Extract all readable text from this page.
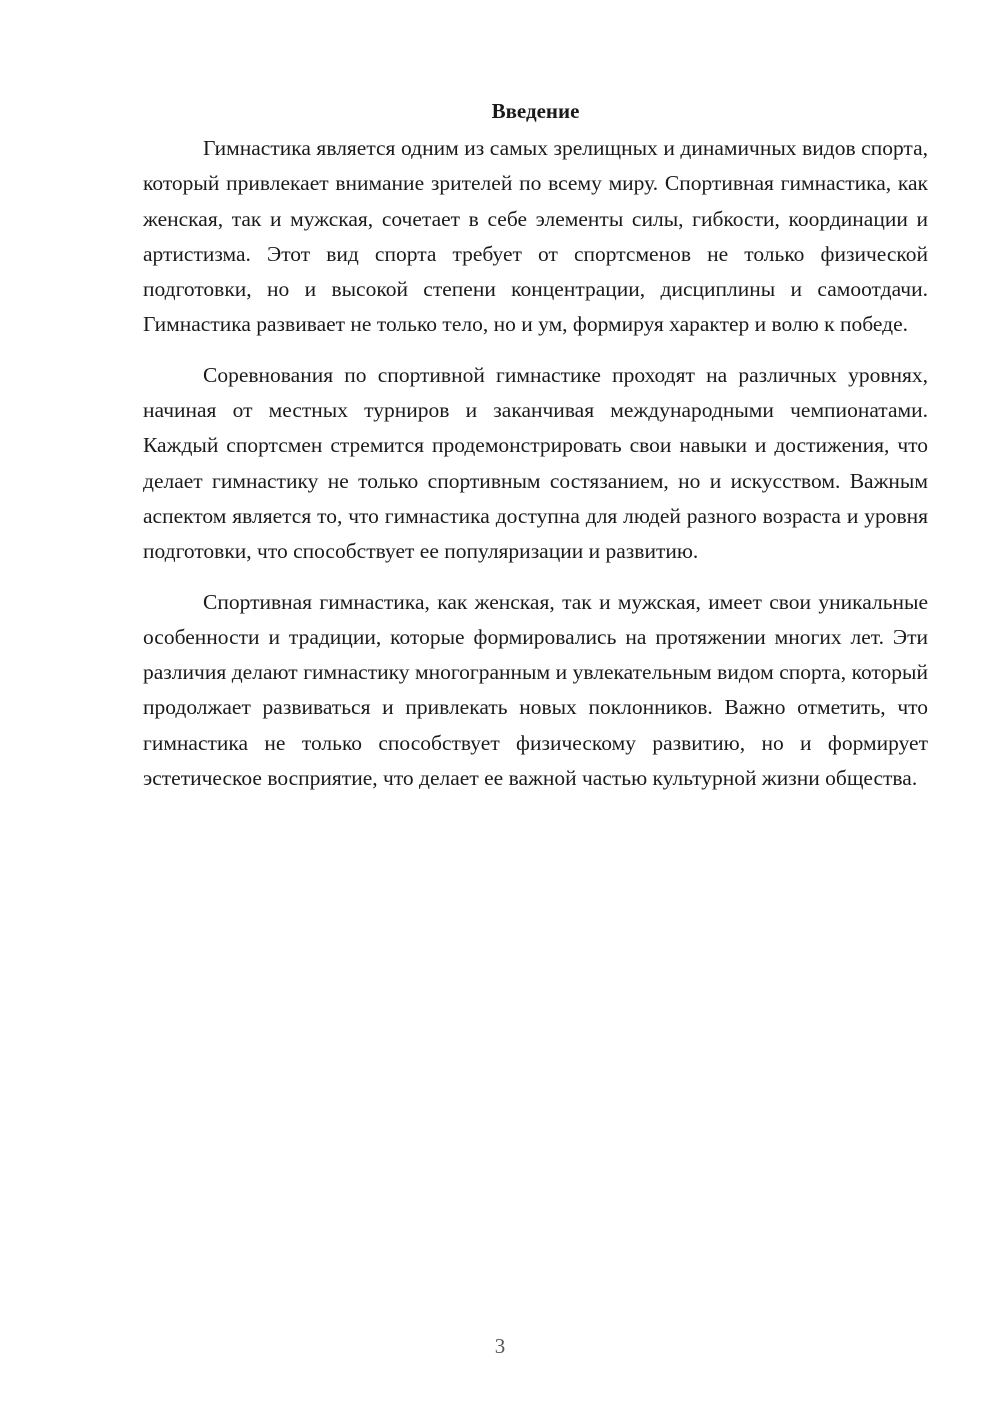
Введение

Гимнастика является одним из самых зрелищных и динамичных видов спорта, который привлекает внимание зрителей по всему миру. Спортивная гимнастика, как женская, так и мужская, сочетает в себе элементы силы, гибкости, координации и артистизма. Этот вид спорта требует от спортсменов не только физической подготовки, но и высокой степени концентрации, дисциплины и самоотдачи. Гимнастика развивает не только тело, но и ум, формируя характер и волю к победе.

Соревнования по спортивной гимнастике проходят на различных уровнях, начиная от местных турниров и заканчивая международными чемпионатами. Каждый спортсмен стремится продемонстрировать свои навыки и достижения, что делает гимнастику не только спортивным состязанием, но и искусством. Важным аспектом является то, что гимнастика доступна для людей разного возраста и уровня подготовки, что способствует ее популяризации и развитию.

Спортивная гимнастика, как женская, так и мужская, имеет свои уникальные особенности и традиции, которые формировались на протяжении многих лет. Эти различия делают гимнастику многогранным и увлекательным видом спорта, который продолжает развиваться и привлекать новых поклонников. Важно отметить, что гимнастика не только способствует физическому развитию, но и формирует эстетическое восприятие, что делает ее важной частью культурной жизни общества.

3
